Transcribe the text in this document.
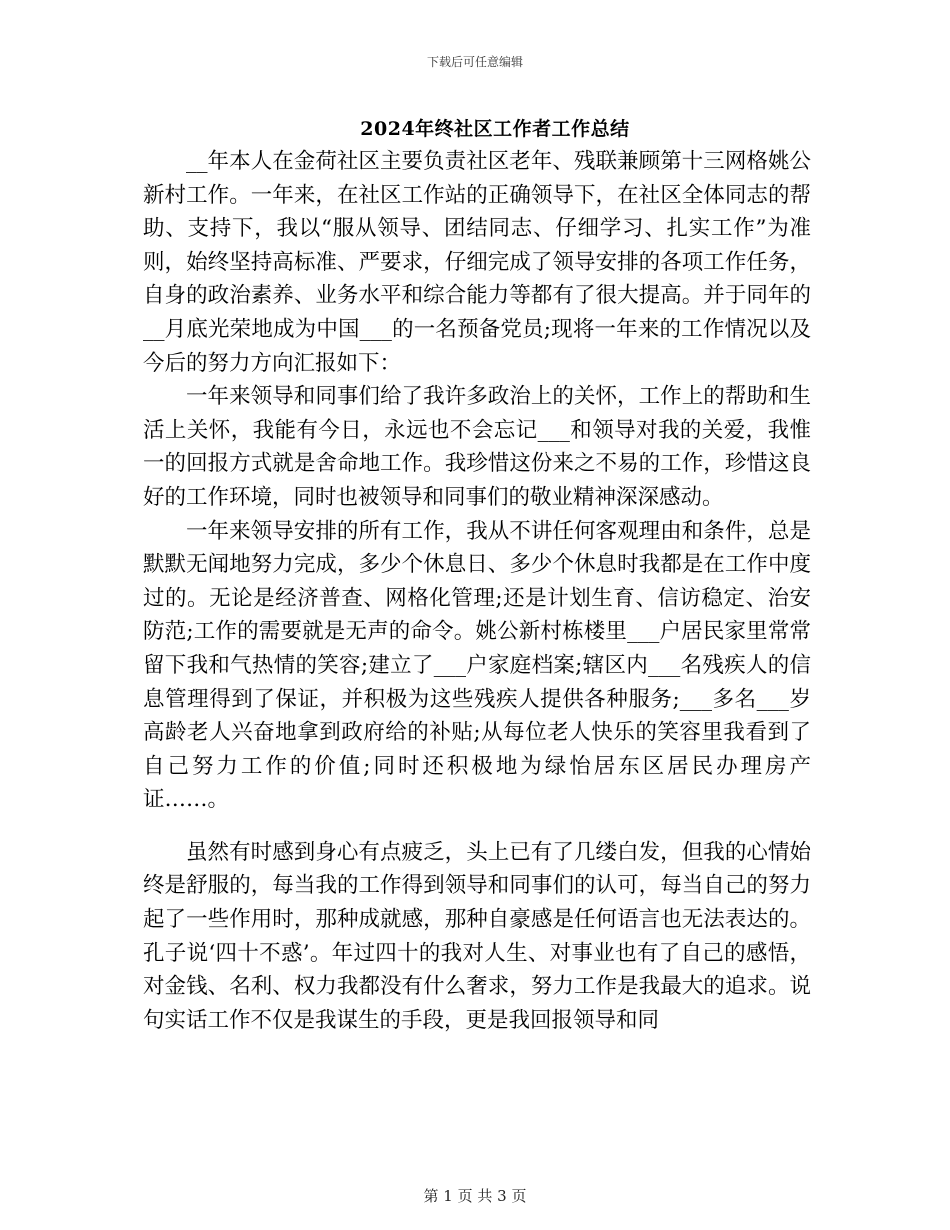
下载后可任意编辑
2024年终社区工作者工作总结

__年本人在金荷社区主要负责社区老年、残联兼顾第十三网格姚公新村工作。一年来，在社区工作站的正确领导下，在社区全体同志的帮助、支持下，我以“服从领导、团结同志、仔细学习、扎实工作”为准则，始终坚持高标准、严要求，仔细完成了领导安排的各项工作任务，自身的政治素养、业务水平和综合能力等都有了很大提高。并于同年的__月底光荣地成为中国___的一名预备党员;现将一年来的工作情况以及今后的努力方向汇报如下：

一年来领导和同事们给了我许多政治上的关怀，工作上的帮助和生活上关怀，我能有今日，永远也不会忘记___和领导对我的关爱，我惟一的回报方式就是舍命地工作。我珍惜这份来之不易的工作，珍惜这良好的工作环境，同时也被领导和同事们的敬业精神深深感动。

一年来领导安排的所有工作，我从不讲任何客观理由和条件，总是默默无闻地努力完成，多少个休息日、多少个休息时我都是在工作中度过的。无论是经济普查、网格化管理;还是计划生育、信访稳定、治安防范;工作的需要就是无声的命令。姚公新村栋楼里___户居民家里常常留下我和气热情的笑容;建立了___户家庭档案;辖区内___名残疾人的信息管理得到了保证，并积极为这些残疾人提供各种服务;___多名___岁高龄老人兴奋地拿到政府给的补贴;从每位老人快乐的笑容里我看到了自己努力工作的价值;同时还积极地为绿怡居东区居民办理房产证……。

虽然有时感到身心有点疲乏，头上已有了几缕白发，但我的心情始终是舒服的，每当我的工作得到领导和同事们的认可，每当自己的努力起了一些作用时，那种成就感，那种自豪感是任何语言也无法表达的。孔子说‘四十不惑’。年过四十的我对人生、对事业也有了自己的感悟，对金钱、名利、权力我都没有什么奢求，努力工作是我最大的追求。说句实话工作不仅是我谋生的手段，更是我回报领导和同

第 1 页 共 3 页
